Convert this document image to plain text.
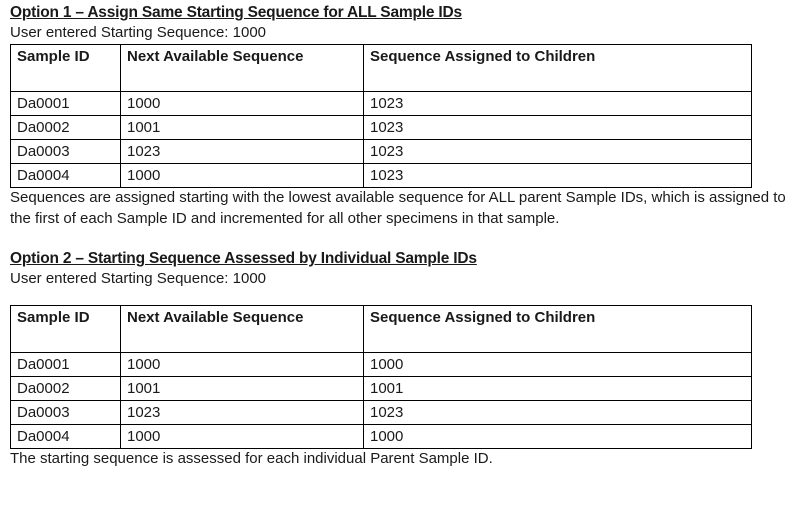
Option 1 – Assign Same Starting Sequence for ALL Sample IDs
User entered Starting Sequence: 1000
Sample ID	Next Available Sequence	Sequence Assigned to Children
Da0001	1000	1023
Da0002	1001	1023
Da0003	1023	1023
Da0004	1000	1023
Sequences are assigned starting with the lowest available sequence for ALL parent Sample IDs, which is assigned to the first of each Sample ID and incremented for all other specimens in that sample.
Option 2 – Starting Sequence Assessed by Individual Sample IDs
User entered Starting Sequence: 1000
Sample ID	Next Available Sequence	Sequence Assigned to Children
Da0001	1000	1000
Da0002	1001	1001
Da0003	1023	1023
Da0004	1000	1000
The starting sequence is assessed for each individual Parent Sample ID.
